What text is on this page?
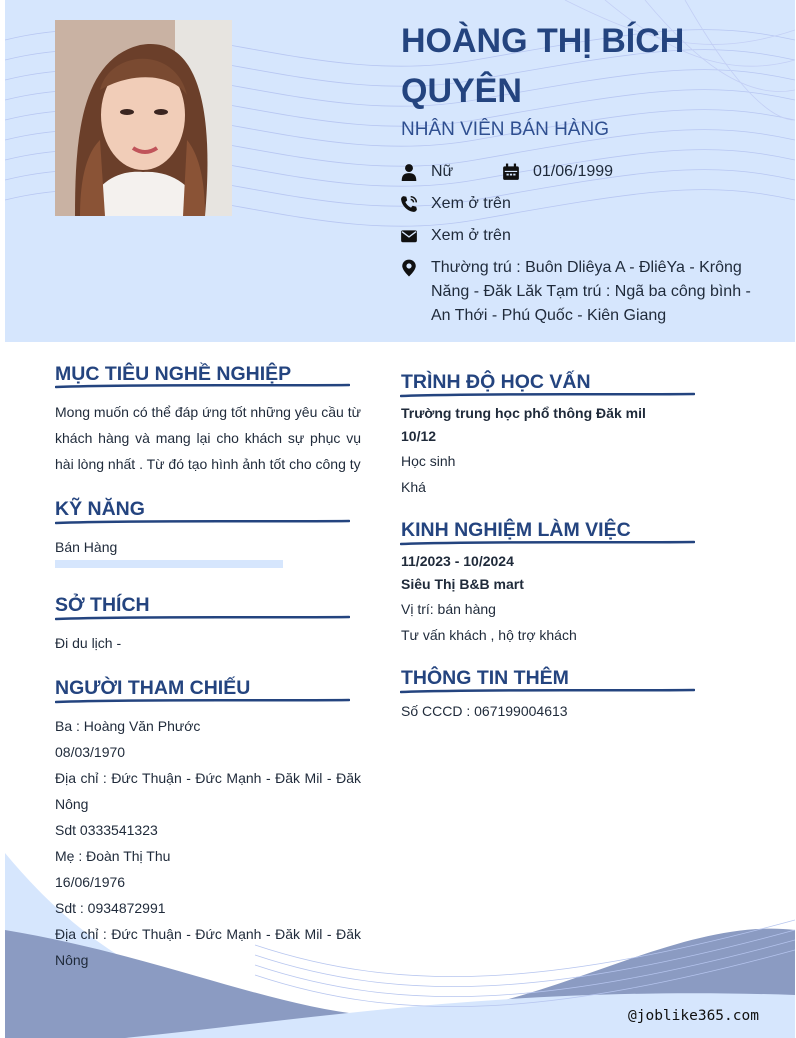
HOÀNG THỊ BÍCH QUYÊN
NHÂN VIÊN BÁN HÀNG
Nữ	01/06/1999
Xem ở trên
Xem ở trên
Thường trú : Buôn Dliêya A - ĐliêYa - Krông Năng - Đăk Lăk Tạm trú : Ngã ba công bình - An Thới - Phú Quốc - Kiên Giang
MỤC TIÊU NGHỀ NGHIỆP
Mong muốn có thể đáp ứng tốt những yêu cầu từ khách hàng và mang lại cho khách sự phục vụ hài lòng nhất . Từ đó tạo hình ảnh tốt cho công ty
KỸ NĂNG
Bán Hàng
SỞ THÍCH
Đi du lịch -
NGƯỜI THAM CHIẾU
Ba : Hoàng Văn Phước
08/03/1970
Địa chỉ : Đức Thuận - Đức Mạnh - Đăk Mil - Đăk Nông
Sdt 0333541323
Mẹ : Đoàn Thị Thu
16/06/1976
Sdt : 0934872991
Địa chỉ : Đức Thuận - Đức Mạnh - Đăk Mil - Đăk Nông
TRÌNH ĐỘ HỌC VẤN
Trường trung học phổ thông Đăk mil
10/12
Học sinh
Khá
KINH NGHIỆM LÀM VIỆC
11/2023 - 10/2024
Siêu Thị B&B mart
Vị trí: bán hàng
Tư vấn khách , hộ trợ khách
THÔNG TIN THÊM
Số CCCD : 067199004613
@joblike365.com
